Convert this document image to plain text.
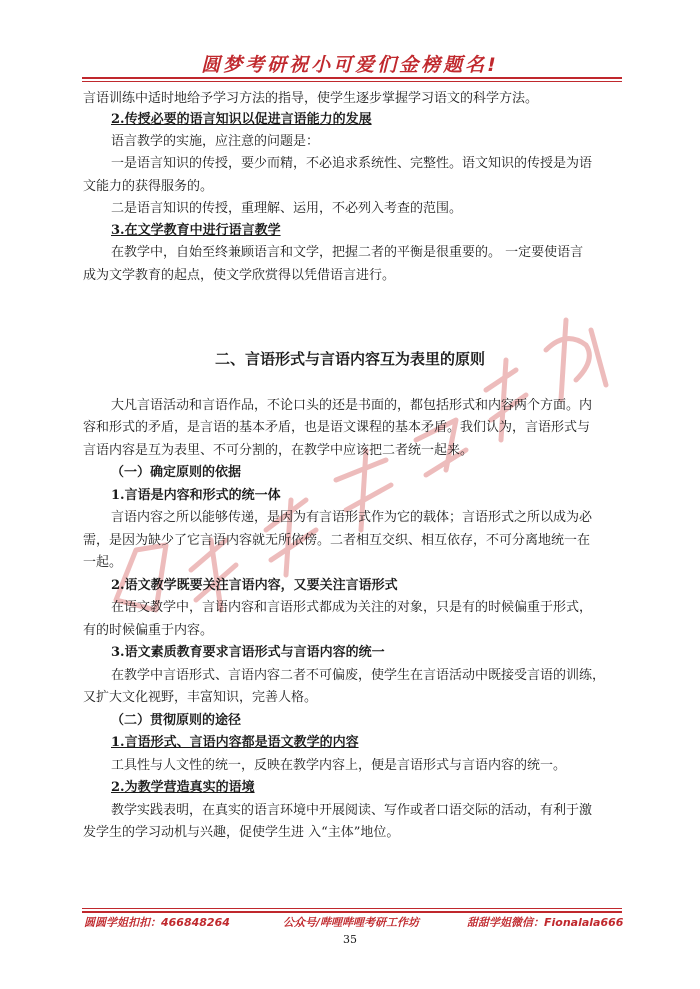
圆梦考研祝小可爱们金榜题名!
言语训练中适时地给予学习方法的指导，使学生逐步掌握学习语文的科学方法。
2.传授必要的语言知识以促进言语能力的发展
语言教学的实施，应注意的问题是：
一是语言知识的传授，要少而精，不必追求系统性、完整性。语文知识的传授是为语
文能力的获得服务的。
二是语言知识的传授，重理解、运用，不必列入考查的范围。
3.在文学教育中进行语言教学
在教学中，自始至终兼顾语言和文学，把握二者的平衡是很重要的。 一定要使语言
成为文学教育的起点，使文学欣赏得以凭借语言进行。
二、言语形式与言语内容互为表里的原则
大凡言语活动和言语作品，不论口头的还是书面的，都包括形式和内容两个方面。内
容和形式的矛盾，是言语的基本矛盾，也是语文课程的基本矛盾。我们认为，言语形式与
言语内容是互为表里、不可分割的，在教学中应该把二者统一起来。
（一）确定原则的依据
1.言语是内容和形式的统一体
言语内容之所以能够传递，是因为有言语形式作为它的载体；言语形式之所以成为必
需，是因为缺少了它言语内容就无所依傍。二者相互交织、相互依存，不可分离地统一在
一起。
2.语文教学既要关注言语内容，又要关注言语形式
在语文教学中，言语内容和言语形式都成为关注的对象，只是有的时候偏重于形式，
有的时候偏重于内容。
3.语文素质教育要求言语形式与言语内容的统一
在教学中言语形式、言语内容二者不可偏废，使学生在言语活动中既接受言语的训练，
又扩大文化视野，丰富知识，完善人格。
（二）贯彻原则的途径
1.言语形式、言语内容都是语文教学的内容
工具性与人文性的统一，反映在教学内容上，便是言语形式与言语内容的统一。
2.为教学营造真实的语境
教学实践表明，在真实的语言环境中开展阅读、写作或者口语交际的活动，有利于激
发学生的学习动机与兴趣，促使学生进 入“主体”地位。
圆圆学姐扣扣：466848264	公众号/哔哩哔哩考研工作坊	甜甜学姐微信：Fionalala666
35
